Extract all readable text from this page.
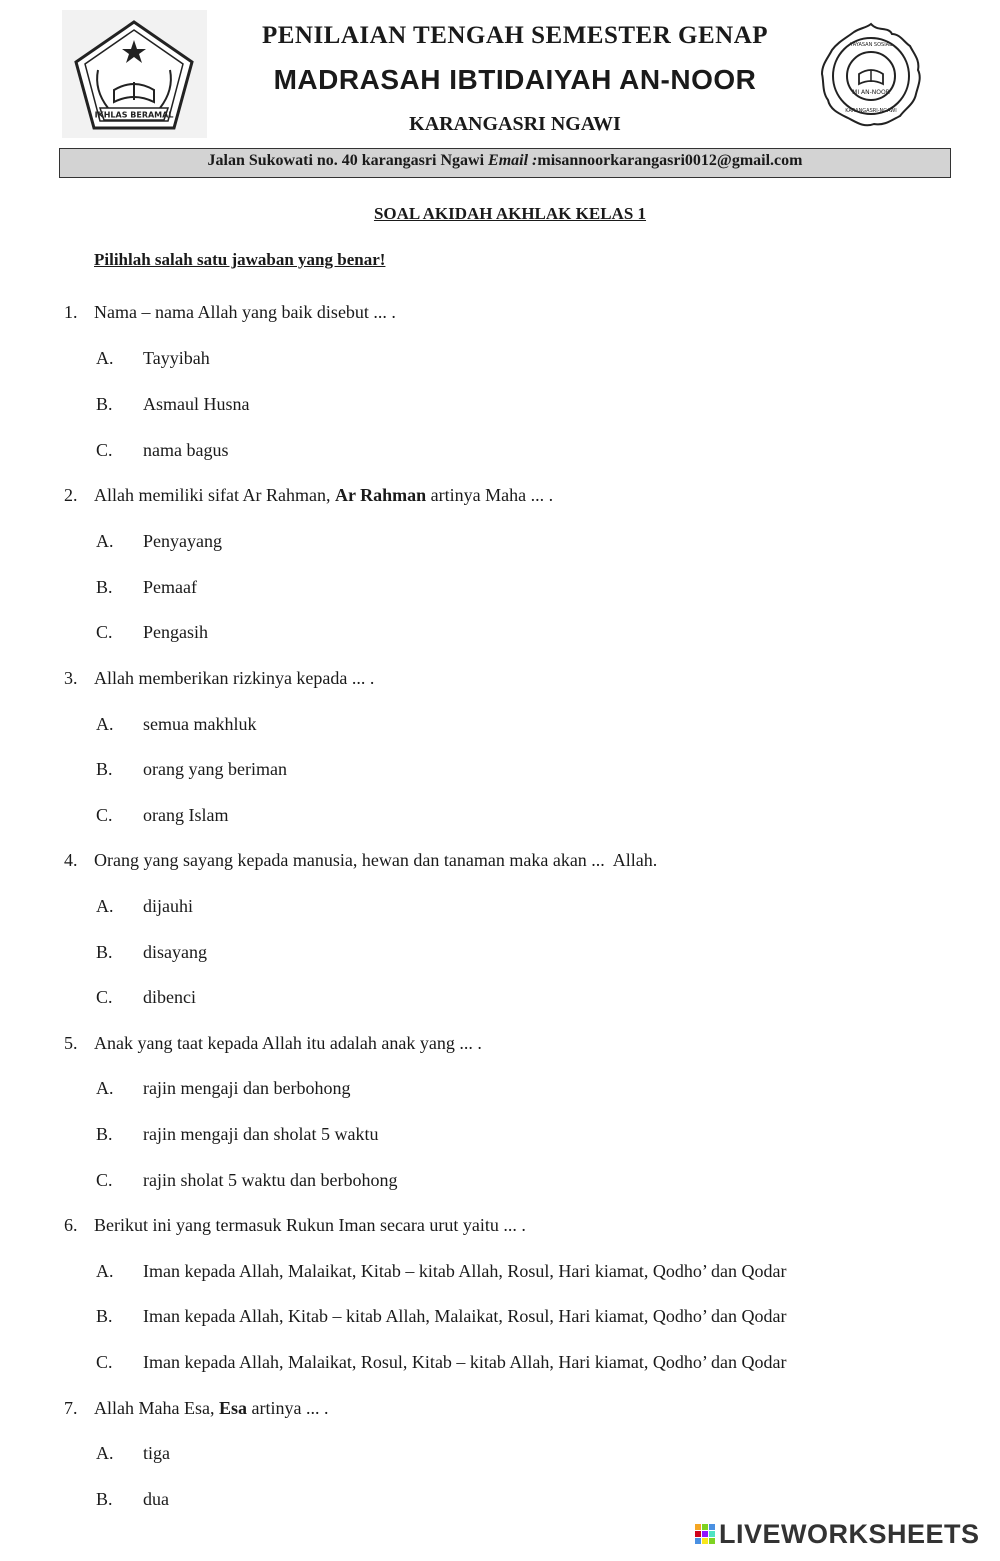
IKHLAS BERAMAL
PENILAIAN TENGAH SEMESTER GENAP
MADRASAH IBTIDAIYAH AN-NOOR
KARANGASRI NGAWI
MI AN-NOOR
YAYASAN SOSIAL
KARANGASRI-NGAWI
Jalan Sukowati no. 40 karangasri Ngawi Email :misannoorkarangasri0012@gmail.com
SOAL AKIDAH AKHLAK KELAS 1
Pilihlah salah satu jawaban yang benar!
1. Nama – nama Allah yang baik disebut ... .
A. Tayyibah
B. Asmaul Husna
C. nama bagus
2. Allah memiliki sifat Ar Rahman, Ar Rahman artinya Maha ... .
A. Penyayang
B. Pemaaf
C. Pengasih
3. Allah memberikan rizkinya kepada ... .
A. semua makhluk
B. orang yang beriman
C. orang Islam
4. Orang yang sayang kepada manusia, hewan dan tanaman maka akan ...  Allah.
A. dijauhi
B. disayang
C. dibenci
5. Anak yang taat kepada Allah itu adalah anak yang ... .
A. rajin mengaji dan berbohong
B. rajin mengaji dan sholat 5 waktu
C. rajin sholat 5 waktu dan berbohong
6. Berikut ini yang termasuk Rukun Iman secara urut yaitu ... .
A. Iman kepada Allah, Malaikat, Kitab – kitab Allah, Rosul, Hari kiamat, Qodho’ dan Qodar
B. Iman kepada Allah, Kitab – kitab Allah, Malaikat, Rosul, Hari kiamat, Qodho’ dan Qodar
C. Iman kepada Allah, Malaikat, Rosul, Kitab – kitab Allah, Hari kiamat, Qodho’ dan Qodar
7. Allah Maha Esa, Esa artinya ... .
A. tiga
B. dua
LIVEWORKSHEETS
